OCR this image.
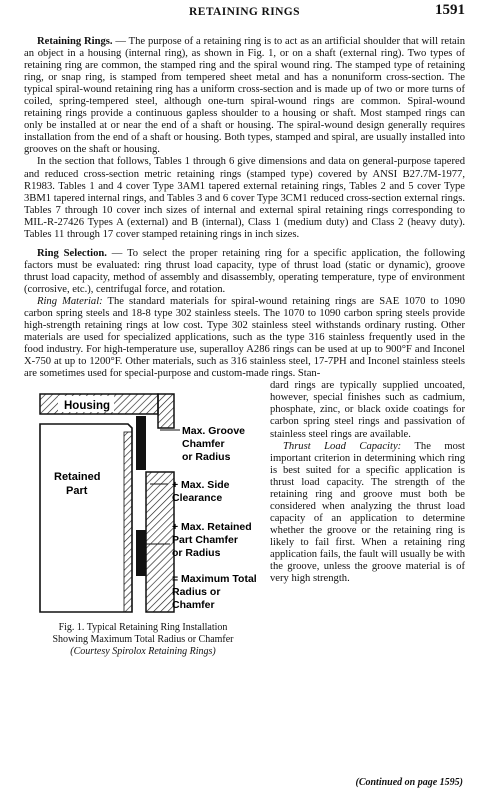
RETAINING RINGS	1591

Retaining Rings. — The purpose of a retaining ring is to act as an artificial shoulder that will retain an object in a housing (internal ring), as shown in Fig. 1, or on a shaft (external ring). Two types of retaining ring are common, the stamped ring and the spiral wound ring. The stamped type of retaining ring, or snap ring, is stamped from tempered sheet metal and has a nonuniform cross-section. The typical spiral-wound retaining ring has a uniform cross-section and is made up of two or more turns of coiled, spring-tempered steel, although one-turn spiral-wound rings are common. Spiral-wound retaining rings provide a continuous gapless shoulder to a housing or shaft. Most stamped rings can only be installed at or near the end of a shaft or housing. The spiral-wound design generally requires installation from the end of a shaft or housing. Both types, stamped and spiral, are usually installed into grooves on the shaft or housing.

In the section that follows, Tables 1 through 6 give dimensions and data on general-purpose tapered and reduced cross-section metric retaining rings (stamped type) covered by ANSI B27.7M-1977, R1983. Tables 1 and 4 cover Type 3AM1 tapered external retaining rings, Tables 2 and 5 cover Type 3BM1 tapered internal rings, and Tables 3 and 6 cover Type 3CM1 reduced cross-section external rings. Tables 7 through 10 cover inch sizes of internal and external spiral retaining rings corresponding to MIL-R-27426 Types A (external) and B (internal), Class 1 (medium duty) and Class 2 (heavy duty). Tables 11 through 17 cover stamped retaining rings in inch sizes.

Ring Selection. — To select the proper retaining ring for a specific application, the following factors must be evaluated: ring thrust load capacity, type of thrust load (static or dynamic), groove thrust load capacity, method of assembly and disassembly, operating temperature, type of environment (corrosive, etc.), centrifugal force, and rotation.

Ring Material: The standard materials for spiral-wound retaining rings are SAE 1070 to 1090 carbon spring steels and 18-8 type 302 stainless steels. The 1070 to 1090 carbon spring steels provide high-strength retaining rings at low cost. Type 302 stainless steel withstands ordinary rusting. Other materials are used for specialized applications, such as the type 316 stainless frequently used in the food industry. For high-temperature use, superalloy A286 rings can be used at up to 900°F and Inconel X-750 at up to 1200°F. Other materials, such as 316 stainless steel, 17-7PH and Inconel stainless steels are sometimes used for special-purpose and custom-made rings. Stan-

Housing
Retained
Part
Max. Groove
Chamfer
or Radius
+ Max. Side
Clearance
+ Max. Retained
Part Chamfer
or Radius
= Maximum Total
Radius or
Chamfer
Fig. 1. Typical Retaining Ring Installation
Showing Maximum Total Radius or Chamfer
(Courtesy Spirolox Retaining Rings)

dard rings are typically supplied uncoated, however, special finishes such as cadmium, phosphate, zinc, or black oxide coatings for carbon spring steel rings and passivation of stainless steel rings are available.

Thrust Load Capacity: The most important criterion in determining which ring is best suited for a specific application is thrust load capacity. The strength of the retaining ring and groove must both be considered when analyzing the thrust load capacity of an application to determine whether the groove or the retaining ring is likely to fail first. When a retaining ring application fails, the fault will usually be with the groove, unless the groove material is of very high strength.

(Continued on page 1595)
